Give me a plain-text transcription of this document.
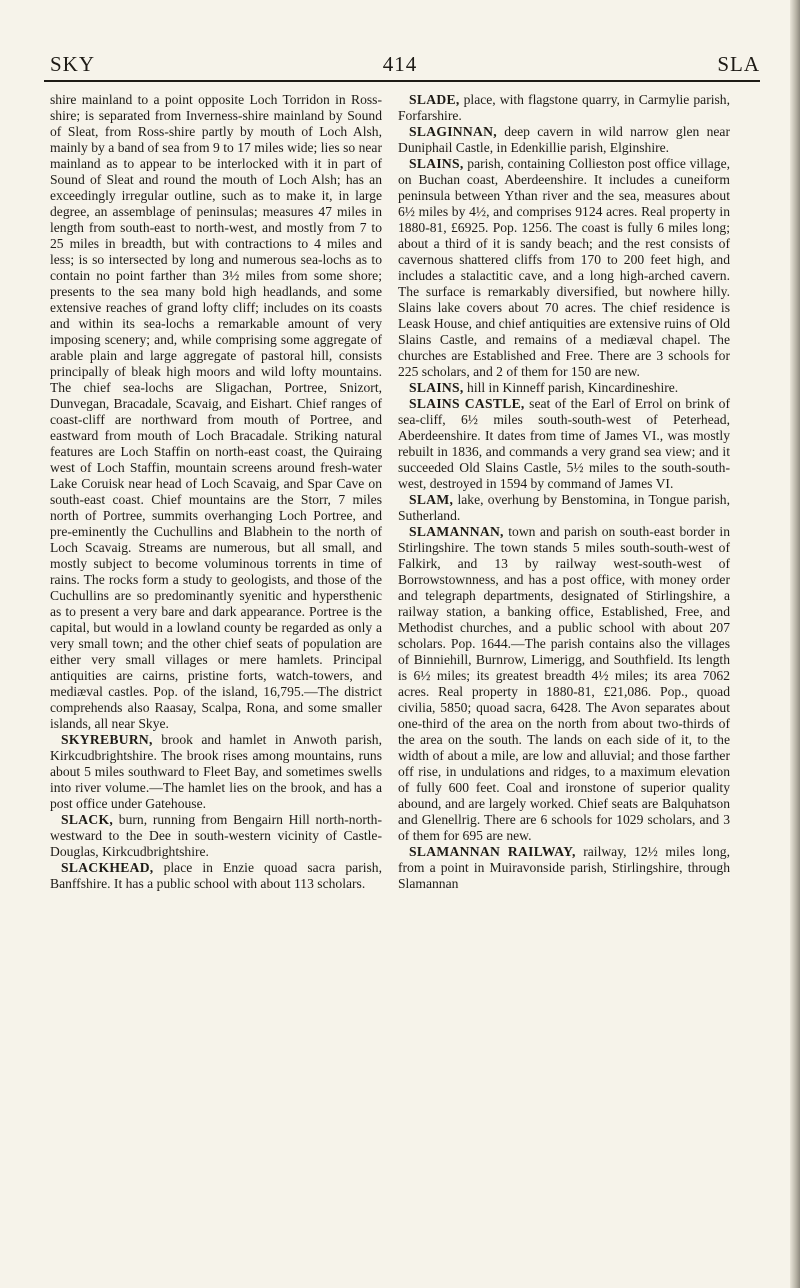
SKY	414	SLA

shire mainland to a point opposite Loch Torridon in Ross-shire; is separated from Inverness-shire mainland by Sound of Sleat, from Ross-shire partly by mouth of Loch Alsh, mainly by a band of sea from 9 to 17 miles wide; lies so near mainland as to appear to be interlocked with it in part of Sound of Sleat and round the mouth of Loch Alsh; has an exceedingly irregular outline, such as to make it, in large degree, an assemblage of peninsulas; measures 47 miles in length from south-east to north-west, and mostly from 7 to 25 miles in breadth, but with contractions to 4 miles and less; is so intersected by long and numerous sea-lochs as to contain no point farther than 3½ miles from some shore; presents to the sea many bold high headlands, and some extensive reaches of grand lofty cliff; includes on its coasts and within its sea-lochs a remarkable amount of very imposing scenery; and, while comprising some aggregate of arable plain and large aggregate of pastoral hill, consists principally of bleak high moors and wild lofty mountains. The chief sea-lochs are Sligachan, Portree, Snizort, Dunvegan, Bracadale, Scavaig, and Eishart. Chief ranges of coast-cliff are northward from mouth of Portree, and eastward from mouth of Loch Bracadale. Striking natural features are Loch Staffin on north-east coast, the Quiraing west of Loch Staffin, mountain screens around fresh-water Lake Coruisk near head of Loch Scavaig, and Spar Cave on south-east coast. Chief mountains are the Storr, 7 miles north of Portree, summits overhanging Loch Portree, and pre-eminently the Cuchullins and Blabhein to the north of Loch Scavaig. Streams are numerous, but all small, and mostly subject to become voluminous torrents in time of rains. The rocks form a study to geologists, and those of the Cuchullins are so predominantly syenitic and hypersthenic as to present a very bare and dark appearance. Portree is the capital, but would in a lowland county be regarded as only a very small town; and the other chief seats of population are either very small villages or mere hamlets. Principal antiquities are cairns, pristine forts, watch-towers, and mediæval castles. Pop. of the island, 16,795.—The district comprehends also Raasay, Scalpa, Rona, and some smaller islands, all near Skye.

SKYREBURN, brook and hamlet in Anwoth parish, Kirkcudbrightshire. The brook rises among mountains, runs about 5 miles southward to Fleet Bay, and sometimes swells into river volume.—The hamlet lies on the brook, and has a post office under Gatehouse.

SLACK, burn, running from Bengairn Hill north-north-westward to the Dee in south-western vicinity of Castle-Douglas, Kirkcudbrightshire.

SLACKHEAD, place in Enzie quoad sacra parish, Banffshire. It has a public school with about 113 scholars.

SLADE, place, with flagstone quarry, in Carmylie parish, Forfarshire.

SLAGINNAN, deep cavern in wild narrow glen near Duniphail Castle, in Edenkillie parish, Elginshire.

SLAINS, parish, containing Collieston post office village, on Buchan coast, Aberdeenshire. It includes a cuneiform peninsula between Ythan river and the sea, measures about 6½ miles by 4½, and comprises 9124 acres. Real property in 1880-81, £6925. Pop. 1256. The coast is fully 6 miles long; about a third of it is sandy beach; and the rest consists of cavernous shattered cliffs from 170 to 200 feet high, and includes a stalactitic cave, and a long high-arched cavern. The surface is remarkably diversified, but nowhere hilly. Slains lake covers about 70 acres. The chief residence is Leask House, and chief antiquities are extensive ruins of Old Slains Castle, and remains of a mediæval chapel. The churches are Established and Free. There are 3 schools for 225 scholars, and 2 of them for 150 are new.

SLAINS, hill in Kinneff parish, Kincardineshire.

SLAINS CASTLE, seat of the Earl of Errol on brink of sea-cliff, 6½ miles south-south-west of Peterhead, Aberdeenshire. It dates from time of James VI., was mostly rebuilt in 1836, and commands a very grand sea view; and it succeeded Old Slains Castle, 5½ miles to the south-south-west, destroyed in 1594 by command of James VI.

SLAM, lake, overhung by Benstomina, in Tongue parish, Sutherland.

SLAMANNAN, town and parish on south-east border in Stirlingshire. The town stands 5 miles south-south-west of Falkirk, and 13 by railway west-south-west of Borrowstownness, and has a post office, with money order and telegraph departments, designated of Stirlingshire, a railway station, a banking office, Established, Free, and Methodist churches, and a public school with about 207 scholars. Pop. 1644.—The parish contains also the villages of Binniehill, Burnrow, Limerigg, and Southfield. Its length is 6½ miles; its greatest breadth 4½ miles; its area 7062 acres. Real property in 1880-81, £21,086. Pop., quoad civilia, 5850; quoad sacra, 6428. The Avon separates about one-third of the area on the north from about two-thirds of the area on the south. The lands on each side of it, to the width of about a mile, are low and alluvial; and those farther off rise, in undulations and ridges, to a maximum elevation of fully 600 feet. Coal and ironstone of superior quality abound, and are largely worked. Chief seats are Balquhatson and Glenellrig. There are 6 schools for 1029 scholars, and 3 of them for 695 are new.

SLAMANNAN RAILWAY, railway, 12½ miles long, from a point in Muiravonside parish, Stirlingshire, through Slamannan
